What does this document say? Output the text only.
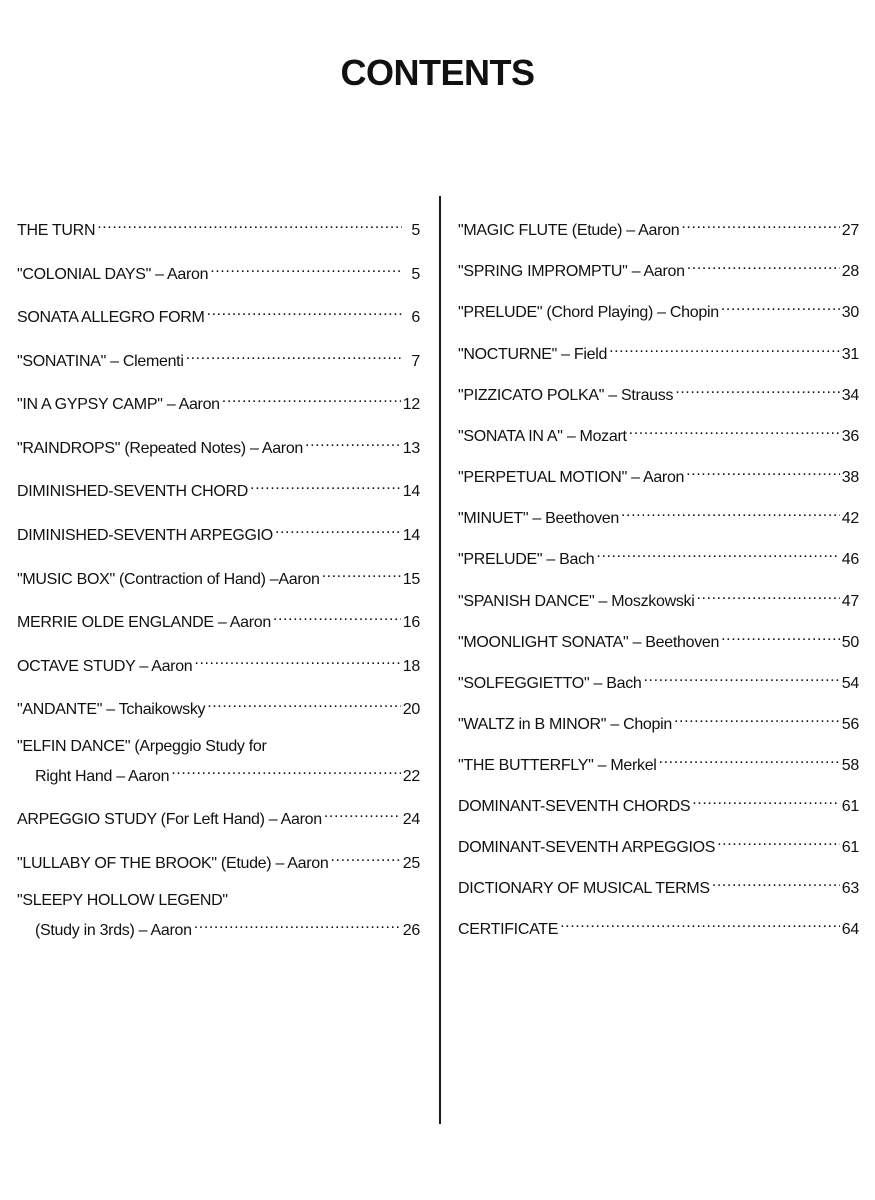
CONTENTS
THE TURN .....	5
"COLONIAL DAYS" – Aaron .....	5
SONATA ALLEGRO FORM .....	6
"SONATINA" – Clementi .....	7
"IN A GYPSY CAMP" – Aaron .....	12
"RAINDROPS" (Repeated Notes) – Aaron .....	13
DIMINISHED-SEVENTH CHORD .....	14
DIMINISHED-SEVENTH ARPEGGIO .....	14
"MUSIC BOX" (Contraction of Hand) –Aaron .....	15
MERRIE OLDE ENGLANDE – Aaron .....	16
OCTAVE STUDY – Aaron .....	18
"ANDANTE" – Tchaikowsky .....	20
"ELFIN DANCE" (Arpeggio Study for
Right Hand – Aaron .....	22
ARPEGGIO STUDY (For Left Hand) – Aaron .....	24
"LULLABY OF THE BROOK" (Etude) – Aaron .....	25
"SLEEPY HOLLOW LEGEND"
(Study in 3rds) – Aaron .....	26
"MAGIC FLUTE (Etude) – Aaron .....	27
"SPRING IMPROMPTU" – Aaron .....	28
"PRELUDE" (Chord Playing) – Chopin .....	30
"NOCTURNE" – Field .....	31
"PIZZICATO POLKA" – Strauss .....	34
"SONATA IN A" – Mozart .....	36
"PERPETUAL MOTION" – Aaron .....	38
"MINUET" – Beethoven .....	42
"PRELUDE" – Bach .....	46
"SPANISH DANCE" – Moszkowski .....	47
"MOONLIGHT SONATA" – Beethoven .....	50
"SOLFEGGIETTO" – Bach .....	54
"WALTZ in B MINOR" – Chopin .....	56
"THE BUTTERFLY" – Merkel .....	58
DOMINANT-SEVENTH CHORDS .....	61
DOMINANT-SEVENTH ARPEGGIOS .....	61
DICTIONARY OF MUSICAL TERMS .....	63
CERTIFICATE .....	64
